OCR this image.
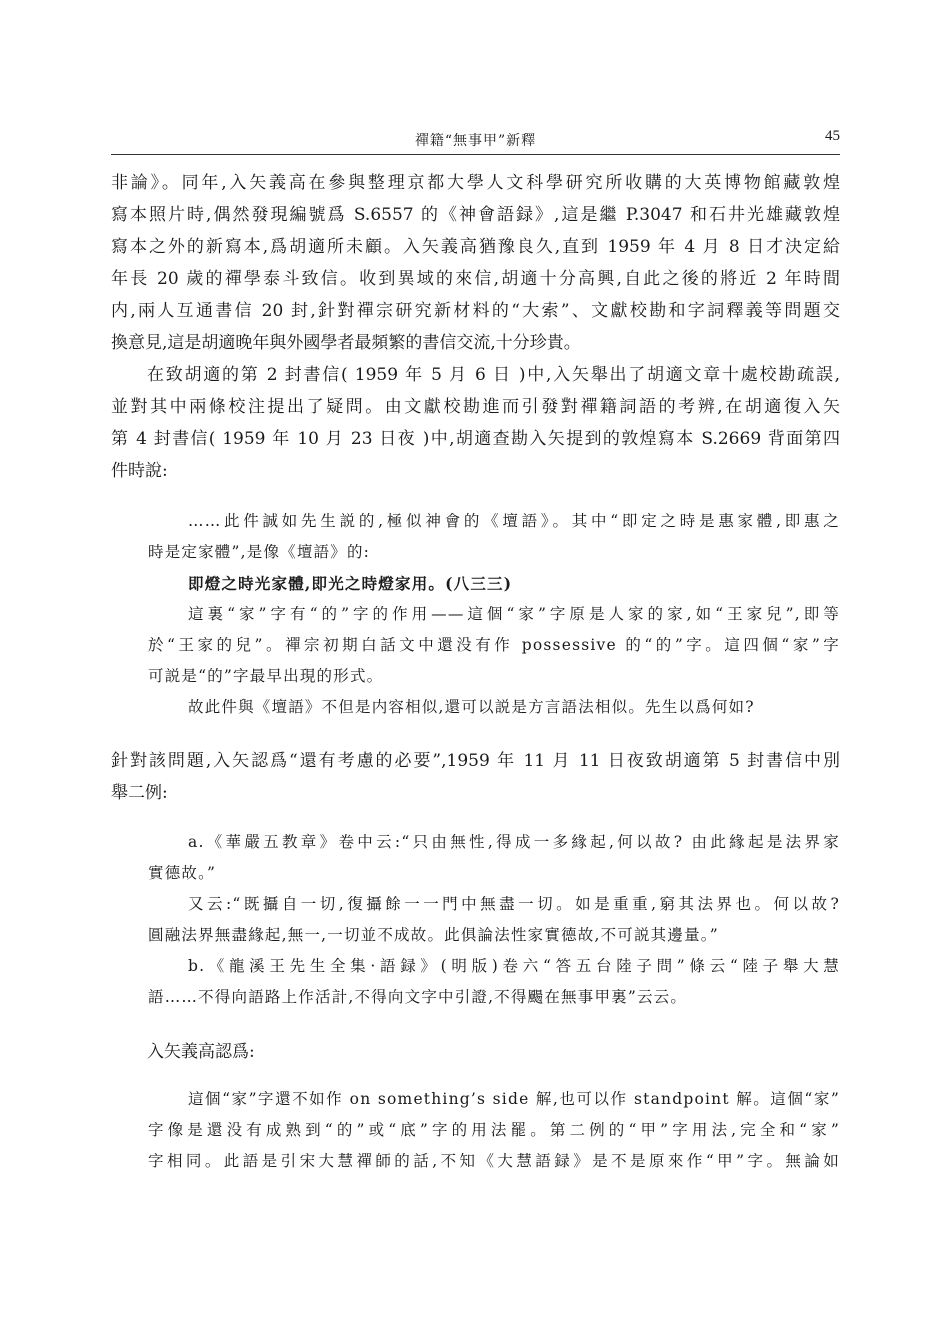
禪籍“無事甲”新釋	45
非論》。同年,入矢義高在參與整理京都大學人文科學研究所收購的大英博物館藏敦煌
寫本照片時,偶然發現編號爲 S.6557 的《神會語録》,這是繼 P.3047 和石井光雄藏敦煌
寫本之外的新寫本,爲胡適所未顧。入矢義高猶豫良久,直到 1959 年 4 月 8 日才決定給
年長 20 歲的禪學泰斗致信。收到異域的來信,胡適十分高興,自此之後的將近 2 年時間
内,兩人互通書信 20 封,針對禪宗研究新材料的“大索”、文獻校勘和字詞釋義等問題交
換意見,這是胡適晚年與外國學者最頻繁的書信交流,十分珍貴。
在致胡適的第 2 封書信( 1959 年 5 月 6 日 )中,入矢舉出了胡適文章十處校勘疏誤,
並對其中兩條校注提出了疑問。由文獻校勘進而引發對禪籍詞語的考辨,在胡適復入矢
第 4 封書信( 1959 年 10 月 23 日夜 )中,胡適查勘入矢提到的敦煌寫本 S.2669 背面第四
件時說:
……此件誠如先生説的,極似神會的《壇語》。其中“即定之時是惠家體,即惠之
時是定家體”,是像《壇語》的:
即燈之時光家體,即光之時燈家用。(八三三)
這裏“家”字有“的”字的作用——這個“家”字原是人家的家,如“王家兒”,即等
於“王家的兒”。禪宗初期白話文中還没有作 possessive 的“的”字。這四個“家”字
可説是“的”字最早出現的形式。
故此件與《壇語》不但是内容相似,還可以説是方言語法相似。先生以爲何如?
針對該問題,入矢認爲“還有考慮的必要”,1959 年 11 月 11 日夜致胡適第 5 封書信中別
舉二例:
a.《華嚴五教章》卷中云:“只由無性,得成一多緣起,何以故? 由此緣起是法界家
實德故。”
又云:“既攝自一切,復攝餘一一門中無盡一切。如是重重,窮其法界也。何以故?
圓融法界無盡緣起,無一,一切並不成故。此俱論法性家實德故,不可説其邊量。”
b.《龍溪王先生全集·語録》(明版)卷六“答五台陸子問”條云“陸子舉大慧
語……不得向語路上作活計,不得向文字中引證,不得颺在無事甲裏”云云。
入矢義高認爲:
這個“家”字還不如作 on something’s side 解,也可以作 standpoint 解。這個“家”
字像是還没有成熟到“的”或“底”字的用法罷。第二例的“甲”字用法,完全和“家”
字相同。此語是引宋大慧禪師的話,不知《大慧語録》是不是原來作“甲”字。無論如
